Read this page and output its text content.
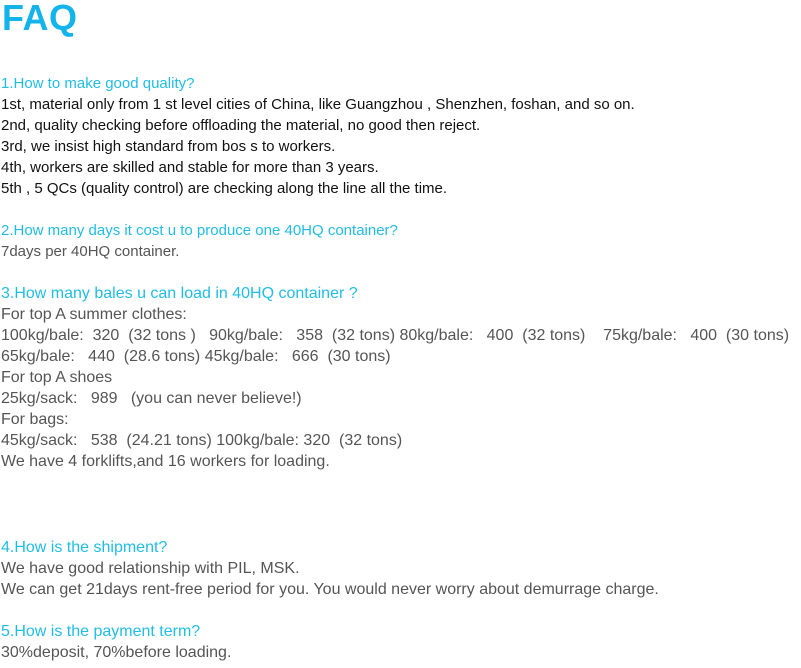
FAQ
1.How to make good quality?
1st, material only from 1 st level cities of China, like Guangzhou , Shenzhen, foshan, and so on.
2nd, quality checking before offloading the material, no good then reject.
3rd, we insist high standard from bos s to workers.
4th, workers are skilled and stable for more than 3 years.
5th , 5 QCs (quality control) are checking along the line all the time.
2.How many days it cost u to produce one 40HQ container?
7days per 40HQ container.
3.How many bales u can load in 40HQ container ?
For top A summer clothes:
100kg/bale:  320  (32 tons )   90kg/bale:   358  (32 tons) 80kg/bale:   400  (32 tons)    75kg/bale:   400  (30 tons) 65kg/bale:   440  (28.6 tons) 45kg/bale:   666  (30 tons)
For top A shoes
25kg/sack:   989   (you can never believe!)
For bags:
45kg/sack:   538  (24.21 tons) 100kg/bale: 320  (32 tons)
We have 4 forklifts,and 16 workers for loading.
4.How is the shipment?
We have good relationship with PIL, MSK.
We can get 21days rent-free period for you. You would never worry about demurrage charge.
5.How is the payment term?
30%deposit, 70%before loading.
